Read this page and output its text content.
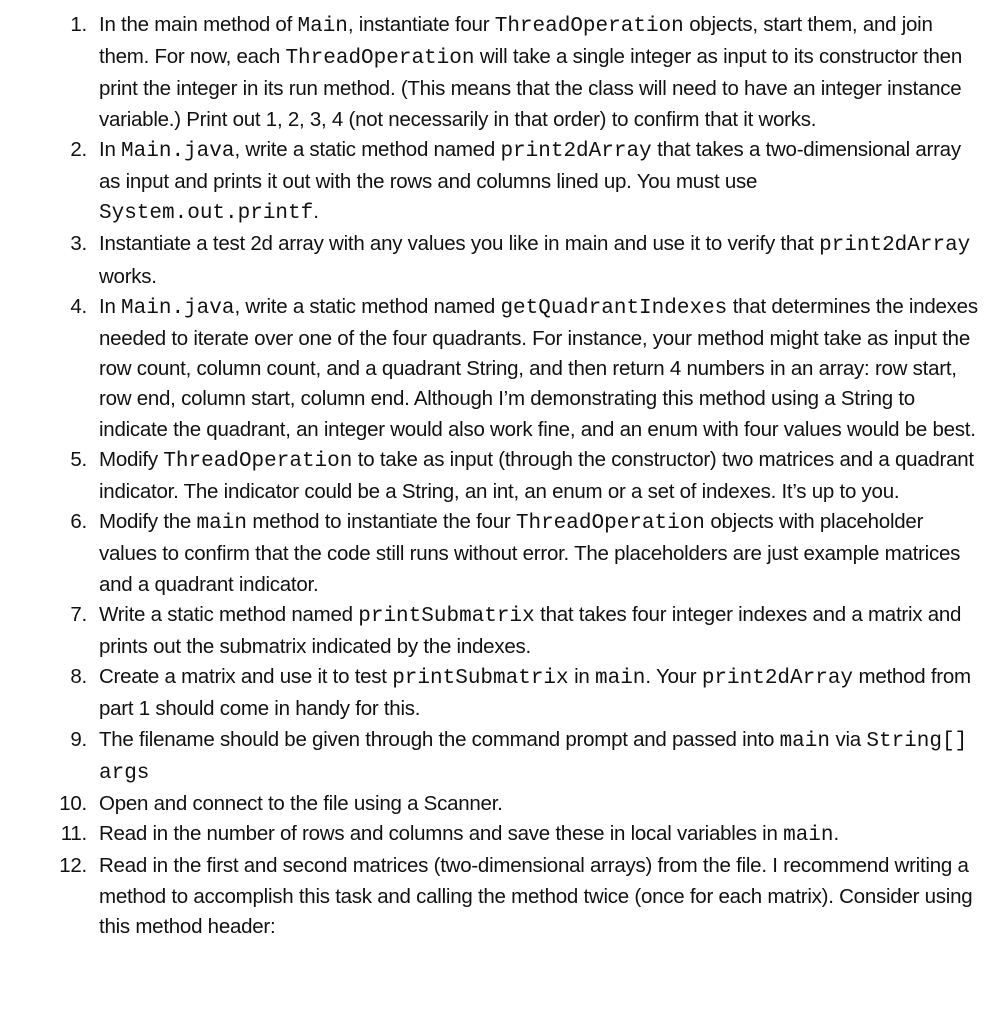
1. In the main method of Main, instantiate four ThreadOperation objects, start them, and join them. For now, each ThreadOperation will take a single integer as input to its constructor then print the integer in its run method. (This means that the class will need to have an integer instance variable.) Print out 1, 2, 3, 4 (not necessarily in that order) to confirm that it works.
2. In Main.java, write a static method named print2dArray that takes a two-dimensional array as input and prints it out with the rows and columns lined up. You must use System.out.printf.
3. Instantiate a test 2d array with any values you like in main and use it to verify that print2dArray works.
4. In Main.java, write a static method named getQuadrantIndexes that determines the indexes needed to iterate over one of the four quadrants. For instance, your method might take as input the row count, column count, and a quadrant String, and then return 4 numbers in an array: row start, row end, column start, column end. Although I’m demonstrating this method using a String to indicate the quadrant, an integer would also work fine, and an enum with four values would be best.
5. Modify ThreadOperation to take as input (through the constructor) two matrices and a quadrant indicator. The indicator could be a String, an int, an enum or a set of indexes. It’s up to you.
6. Modify the main method to instantiate the four ThreadOperation objects with placeholder values to confirm that the code still runs without error. The placeholders are just example matrices and a quadrant indicator.
7. Write a static method named printSubmatrix that takes four integer indexes and a matrix and prints out the submatrix indicated by the indexes.
8. Create a matrix and use it to test printSubmatrix in main. Your print2dArray method from part 1 should come in handy for this.
9. The filename should be given through the command prompt and passed into main via String[] args
10. Open and connect to the file using a Scanner.
11. Read in the number of rows and columns and save these in local variables in main.
12. Read in the first and second matrices (two-dimensional arrays) from the file. I recommend writing a method to accomplish this task and calling the method twice (once for each matrix). Consider using this method header:
